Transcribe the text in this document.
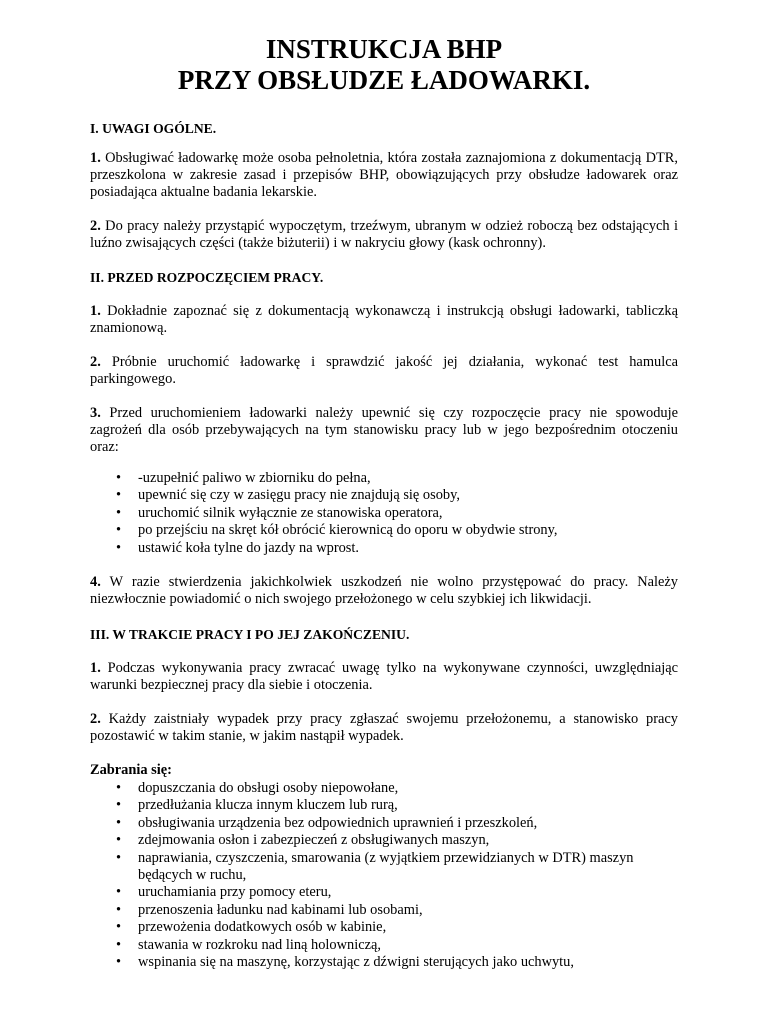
INSTRUKCJA BHP
PRZY OBSŁUDZE ŁADOWARKI.
I. UWAGI OGÓLNE.

1. Obsługiwać ładowarkę może osoba pełnoletnia, która została zaznajomiona z dokumentacją DTR, przeszkolona w zakresie zasad i przepisów BHP, obowiązujących przy obsłudze ładowarek oraz posiadająca aktualne badania lekarskie.

2. Do pracy należy przystąpić wypoczętym, trzeźwym, ubranym w odzież roboczą bez odstających i luźno zwisających części (także biżuterii) i w nakryciu głowy (kask ochronny).

II. PRZED ROZPOCZĘCIEM PRACY.

1. Dokładnie zapoznać się z dokumentacją wykonawczą i instrukcją obsługi ładowarki, tabliczką znamionową.

2. Próbnie uruchomić ładowarkę i sprawdzić jakość jej działania, wykonać test hamulca parkingowego.

3. Przed uruchomieniem ładowarki należy upewnić się czy rozpoczęcie pracy nie spowoduje zagrożeń dla osób przebywających na tym stanowisku pracy lub w jego bezpośrednim otoczeniu oraz:

•	-uzupełnić paliwo w zbiorniku do pełna,
•	upewnić się czy w zasięgu pracy nie znajdują się osoby,
•	uruchomić silnik wyłącznie ze stanowiska operatora,
•	po przejściu na skręt kół obrócić kierownicą do oporu w obydwie strony,
•	ustawić koła tylne do jazdy na wprost.

4. W razie stwierdzenia jakichkolwiek uszkodzeń nie wolno przystępować do pracy. Należy niezwłocznie powiadomić o nich swojego przełożonego w celu szybkiej ich likwidacji.

III. W TRAKCIE PRACY I PO JEJ ZAKOŃCZENIU.

1. Podczas wykonywania pracy zwracać uwagę tylko na wykonywane czynności, uwzględniając warunki bezpiecznej pracy dla siebie i otoczenia.

2. Każdy zaistniały wypadek przy pracy zgłaszać swojemu przełożonemu, a stanowisko pracy pozostawić w takim stanie, w jakim nastąpił wypadek.

Zabrania się:
•	dopuszczania do obsługi osoby niepowołane,
•	przedłużania klucza innym kluczem lub rurą,
•	obsługiwania urządzenia bez odpowiednich uprawnień i przeszkoleń,
•	zdejmowania osłon i zabezpieczeń z obsługiwanych maszyn,
•	naprawiania, czyszczenia, smarowania (z wyjątkiem przewidzianych w DTR) maszyn będących w ruchu,
•	uruchamiania przy pomocy eteru,
•	przenoszenia ładunku nad kabinami lub osobami,
•	przewożenia dodatkowych osób w kabinie,
•	stawania w rozkroku nad liną holowniczą,
•	wspinania się na maszynę, korzystając z dźwigni sterujących jako uchwytu,
